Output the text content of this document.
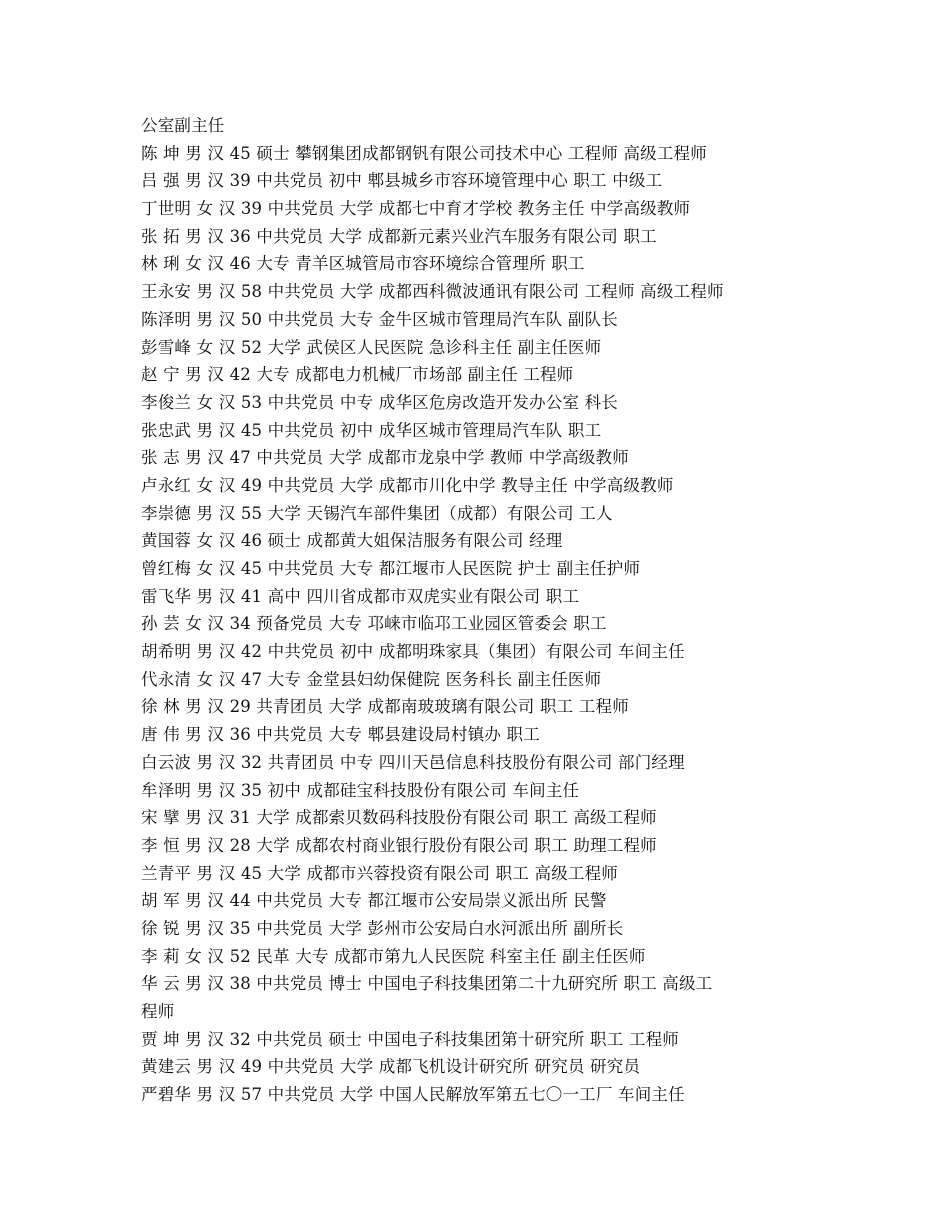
公室副主任
陈 坤 男 汉 45 硕士 攀钢集团成都钢钒有限公司技术中心 工程师 高级工程师
吕 强 男 汉 39 中共党员 初中 郫县城乡市容环境管理中心 职工 中级工
丁世明 女 汉 39 中共党员 大学 成都七中育才学校 教务主任 中学高级教师
张 拓 男 汉 36 中共党员 大学 成都新元素兴业汽车服务有限公司 职工
林 琍 女 汉 46 大专 青羊区城管局市容环境综合管理所 职工
王永安 男 汉 58 中共党员 大学 成都西科微波通讯有限公司 工程师 高级工程师
陈泽明 男 汉 50 中共党员 大专 金牛区城市管理局汽车队 副队长
彭雪峰 女 汉 52 大学 武侯区人民医院 急诊科主任 副主任医师
赵 宁 男 汉 42 大专 成都电力机械厂市场部 副主任 工程师
李俊兰 女 汉 53 中共党员 中专 成华区危房改造开发办公室 科长
张忠武 男 汉 45 中共党员 初中 成华区城市管理局汽车队 职工
张 志 男 汉 47 中共党员 大学 成都市龙泉中学 教师 中学高级教师
卢永红 女 汉 49 中共党员 大学 成都市川化中学 教导主任 中学高级教师
李崇德 男 汉 55 大学 天锡汽车部件集团（成都）有限公司 工人
黄国蓉 女 汉 46 硕士 成都黄大姐保洁服务有限公司 经理
曾红梅 女 汉 45 中共党员 大专 都江堰市人民医院 护士 副主任护师
雷飞华 男 汉 41 高中 四川省成都市双虎实业有限公司 职工
孙 芸 女 汉 34 预备党员 大专 邛崃市临邛工业园区管委会 职工
胡希明 男 汉 42 中共党员 初中 成都明珠家具（集团）有限公司 车间主任
代永清 女 汉 47 大专 金堂县妇幼保健院 医务科长 副主任医师
徐 林 男 汉 29 共青团员 大学 成都南玻玻璃有限公司 职工 工程师
唐 伟 男 汉 36 中共党员 大专 郫县建设局村镇办 职工
白云波 男 汉 32 共青团员 中专 四川天邑信息科技股份有限公司 部门经理
牟泽明 男 汉 35 初中 成都硅宝科技股份有限公司 车间主任
宋 擘 男 汉 31 大学 成都索贝数码科技股份有限公司 职工 高级工程师
李 恒 男 汉 28 大学 成都农村商业银行股份有限公司 职工 助理工程师
兰青平 男 汉 45 大学 成都市兴蓉投资有限公司 职工 高级工程师
胡 军 男 汉 44 中共党员 大专 都江堰市公安局崇义派出所 民警
徐 锐 男 汉 35 中共党员 大学 彭州市公安局白水河派出所 副所长
李 莉 女 汉 52 民革 大专 成都市第九人民医院 科室主任 副主任医师
华 云 男 汉 38 中共党员 博士 中国电子科技集团第二十九研究所 职工 高级工
程师
贾 坤 男 汉 32 中共党员 硕士 中国电子科技集团第十研究所 职工 工程师
黄建云 男 汉 49 中共党员 大学 成都飞机设计研究所 研究员 研究员
严碧华 男 汉 57 中共党员 大学 中国人民解放军第五七〇一工厂 车间主任
